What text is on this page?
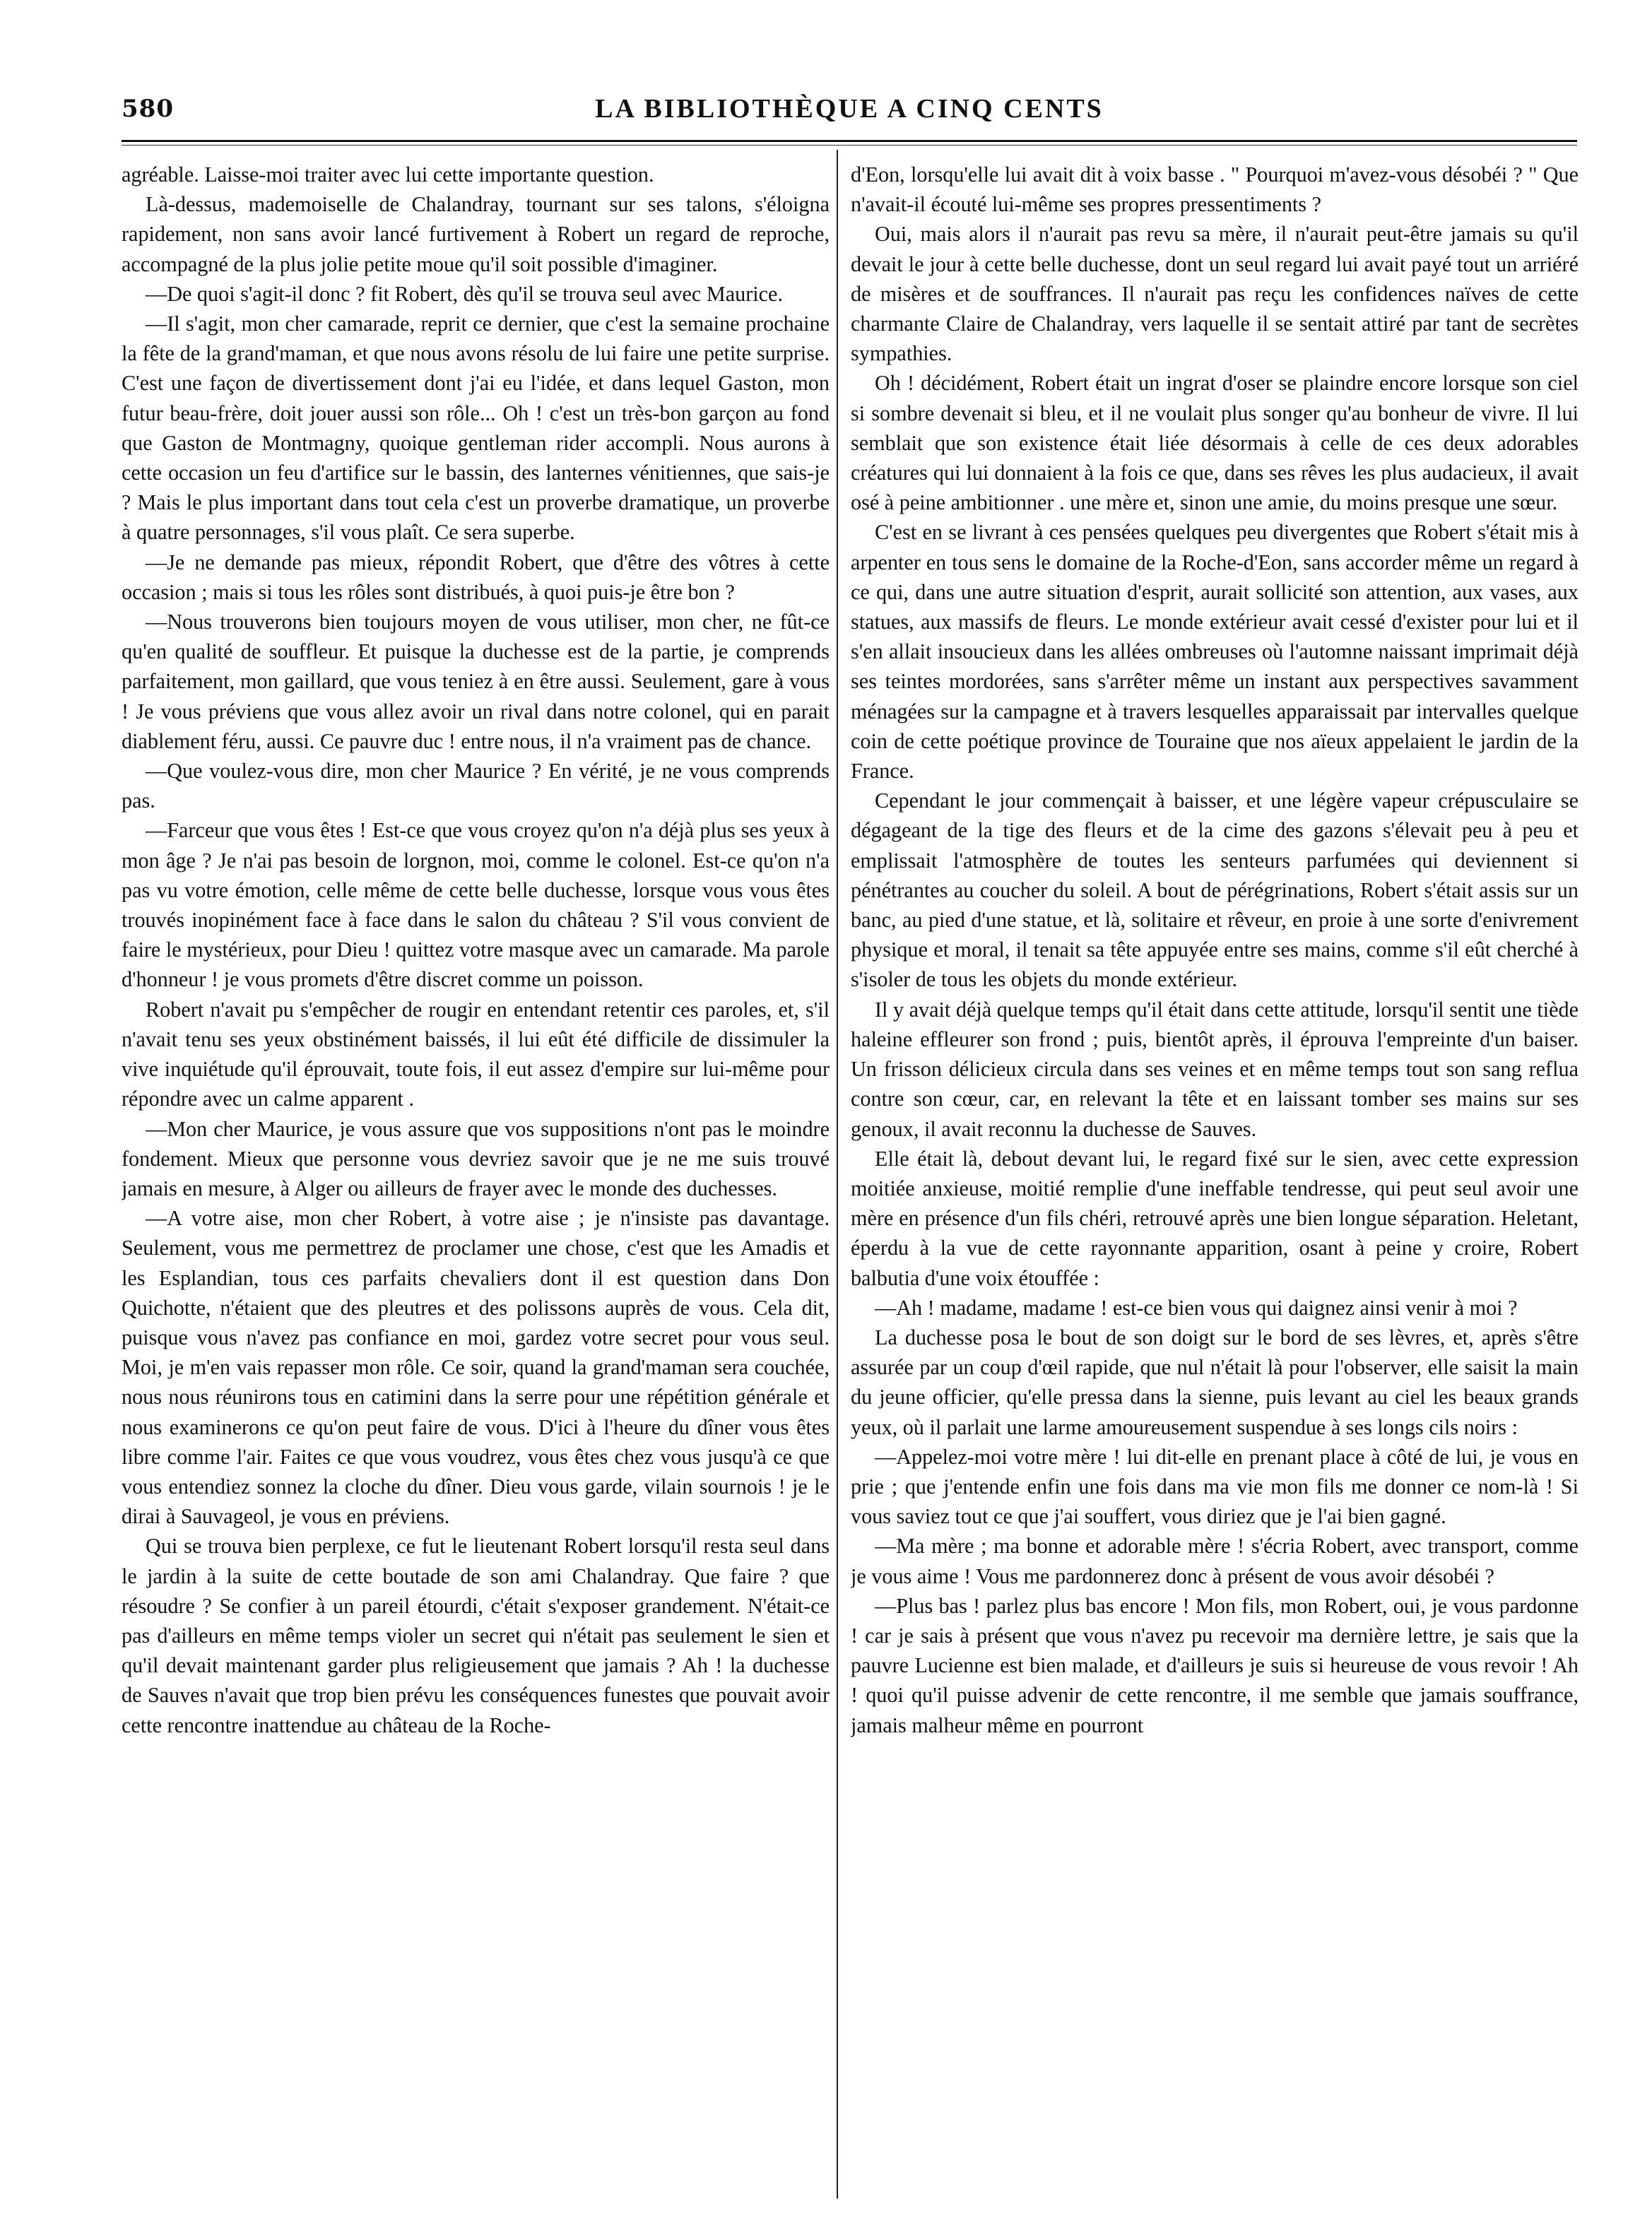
580	LA BIBLIOTHÈQUE A CINQ CENTS

agréable. Laisse-moi traiter avec lui cette importante question.

Là-dessus, mademoiselle de Chalandray, tournant sur ses talons, s'éloigna rapidement, non sans avoir lancé furtivement à Robert un regard de reproche, accompagné de la plus jolie petite moue qu'il soit possible d'imaginer.

—De quoi s'agit-il donc ? fit Robert, dès qu'il se trouva seul avec Maurice.

—Il s'agit, mon cher camarade, reprit ce dernier, que c'est la semaine prochaine la fête de la grand'maman, et que nous avons résolu de lui faire une petite surprise. C'est une façon de divertissement dont j'ai eu l'idée, et dans lequel Gaston, mon futur beau-frère, doit jouer aussi son rôle... Oh ! c'est un très-bon garçon au fond que Gaston de Montmagny, quoique gentleman rider accompli. Nous aurons à cette occasion un feu d'artifice sur le bassin, des lanternes vénitiennes, que sais-je ? Mais le plus important dans tout cela c'est un proverbe dramatique, un proverbe à quatre personnages, s'il vous plaît. Ce sera superbe.

—Je ne demande pas mieux, répondit Robert, que d'être des vôtres à cette occasion ; mais si tous les rôles sont distribués, à quoi puis-je être bon ?

—Nous trouverons bien toujours moyen de vous utiliser, mon cher, ne fût-ce qu'en qualité de souffleur. Et puisque la duchesse est de la partie, je comprends parfaitement, mon gaillard, que vous teniez à en être aussi. Seulement, gare à vous ! Je vous préviens que vous allez avoir un rival dans notre colonel, qui en parait diablement féru, aussi. Ce pauvre duc ! entre nous, il n'a vraiment pas de chance.

—Que voulez-vous dire, mon cher Maurice ? En vérité, je ne vous comprends pas.

—Farceur que vous êtes ! Est-ce que vous croyez qu'on n'a déjà plus ses yeux à mon âge ? Je n'ai pas besoin de lorgnon, moi, comme le colonel. Est-ce qu'on n'a pas vu votre émotion, celle même de cette belle duchesse, lorsque vous vous êtes trouvés inopinément face à face dans le salon du château ? S'il vous convient de faire le mystérieux, pour Dieu ! quittez votre masque avec un camarade. Ma parole d'honneur ! je vous promets d'être discret comme un poisson.

Robert n'avait pu s'empêcher de rougir en entendant retentir ces paroles, et, s'il n'avait tenu ses yeux obstinément baissés, il lui eût été difficile de dissimuler la vive inquiétude qu'il éprouvait, toute fois, il eut assez d'empire sur lui-même pour répondre avec un calme apparent .

—Mon cher Maurice, je vous assure que vos suppositions n'ont pas le moindre fondement. Mieux que personne vous devriez savoir que je ne me suis trouvé jamais en mesure, à Alger ou ailleurs de frayer avec le monde des duchesses.

—A votre aise, mon cher Robert, à votre aise ; je n'insiste pas davantage. Seulement, vous me permettrez de proclamer une chose, c'est que les Amadis et les Esplandian, tous ces parfaits chevaliers dont il est question dans Don Quichotte, n'étaient que des pleutres et des polissons auprès de vous. Cela dit, puisque vous n'avez pas confiance en moi, gardez votre secret pour vous seul. Moi, je m'en vais repasser mon rôle. Ce soir, quand la grand'maman sera couchée, nous nous réunirons tous en catimini dans la serre pour une répétition générale et nous examinerons ce qu'on peut faire de vous. D'ici à l'heure du dîner vous êtes libre comme l'air. Faites ce que vous voudrez, vous êtes chez vous jusqu'à ce que vous entendiez sonnez la cloche du dîner. Dieu vous garde, vilain sournois ! je le dirai à Sauvageol, je vous en préviens.

Qui se trouva bien perplexe, ce fut le lieutenant Robert lorsqu'il resta seul dans le jardin à la suite de cette boutade de son ami Chalandray. Que faire ? que résoudre ? Se confier à un pareil étourdi, c'était s'exposer grandement. N'était-ce pas d'ailleurs en même temps violer un secret qui n'était pas seulement le sien et qu'il devait maintenant garder plus religieusement que jamais ? Ah ! la duchesse de Sauves n'avait que trop bien prévu les conséquences funestes que pouvait avoir cette rencontre inattendue au château de la Roche-

d'Eon, lorsqu'elle lui avait dit à voix basse . " Pourquoi m'avez-vous désobéi ? " Que n'avait-il écouté lui-même ses propres pressentiments ?

Oui, mais alors il n'aurait pas revu sa mère, il n'aurait peut-être jamais su qu'il devait le jour à cette belle duchesse, dont un seul regard lui avait payé tout un arriéré de misères et de souffrances. Il n'aurait pas reçu les confidences naïves de cette charmante Claire de Chalandray, vers laquelle il se sentait attiré par tant de secrètes sympathies.

Oh ! décidément, Robert était un ingrat d'oser se plaindre encore lorsque son ciel si sombre devenait si bleu, et il ne voulait plus songer qu'au bonheur de vivre. Il lui semblait que son existence était liée désormais à celle de ces deux adorables créatures qui lui donnaient à la fois ce que, dans ses rêves les plus audacieux, il avait osé à peine ambitionner . une mère et, sinon une amie, du moins presque une sœur.

C'est en se livrant à ces pensées quelques peu divergentes que Robert s'était mis à arpenter en tous sens le domaine de la Roche-d'Eon, sans accorder même un regard à ce qui, dans une autre situation d'esprit, aurait sollicité son attention, aux vases, aux statues, aux massifs de fleurs. Le monde extérieur avait cessé d'exister pour lui et il s'en allait insoucieux dans les allées ombreuses où l'automne naissant imprimait déjà ses teintes mordorées, sans s'arrêter même un instant aux perspectives savamment ménagées sur la campagne et à travers lesquelles apparaissait par intervalles quelque coin de cette poétique province de Touraine que nos aïeux appelaient le jardin de la France.

Cependant le jour commençait à baisser, et une légère vapeur crépusculaire se dégageant de la tige des fleurs et de la cime des gazons s'élevait peu à peu et emplissait l'atmosphère de toutes les senteurs parfumées qui deviennent si pénétrantes au coucher du soleil. A bout de pérégrinations, Robert s'était assis sur un banc, au pied d'une statue, et là, solitaire et rêveur, en proie à une sorte d'enivrement physique et moral, il tenait sa tête appuyée entre ses mains, comme s'il eût cherché à s'isoler de tous les objets du monde extérieur.

Il y avait déjà quelque temps qu'il était dans cette attitude, lorsqu'il sentit une tiède haleine effleurer son frond ; puis, bientôt après, il éprouva l'empreinte d'un baiser. Un frisson délicieux circula dans ses veines et en même temps tout son sang reflua contre son cœur, car, en relevant la tête et en laissant tomber ses mains sur ses genoux, il avait reconnu la duchesse de Sauves.

Elle était là, debout devant lui, le regard fixé sur le sien, avec cette expression moitiée anxieuse, moitié remplie d'une ineffable tendresse, qui peut seul avoir une mère en présence d'un fils chéri, retrouvé après une bien longue séparation. Heletant, éperdu à la vue de cette rayonnante apparition, osant à peine y croire, Robert balbutia d'une voix étouffée :

—Ah ! madame, madame ! est-ce bien vous qui daignez ainsi venir à moi ?

La duchesse posa le bout de son doigt sur le bord de ses lèvres, et, après s'être assurée par un coup d'œil rapide, que nul n'était là pour l'observer, elle saisit la main du jeune officier, qu'elle pressa dans la sienne, puis levant au ciel les beaux grands yeux, où il parlait une larme amoureusement suspendue à ses longs cils noirs :

—Appelez-moi votre mère ! lui dit-elle en prenant place à côté de lui, je vous en prie ; que j'entende enfin une fois dans ma vie mon fils me donner ce nom-là ! Si vous saviez tout ce que j'ai souffert, vous diriez que je l'ai bien gagné.

—Ma mère ; ma bonne et adorable mère ! s'écria Robert, avec transport, comme je vous aime ! Vous me pardonnerez donc à présent de vous avoir désobéi ?

—Plus bas ! parlez plus bas encore ! Mon fils, mon Robert, oui, je vous pardonne ! car je sais à présent que vous n'avez pu recevoir ma dernière lettre, je sais que la pauvre Lucienne est bien malade, et d'ailleurs je suis si heureuse de vous revoir ! Ah ! quoi qu'il puisse advenir de cette rencontre, il me semble que jamais souffrance, jamais malheur même en pourront
